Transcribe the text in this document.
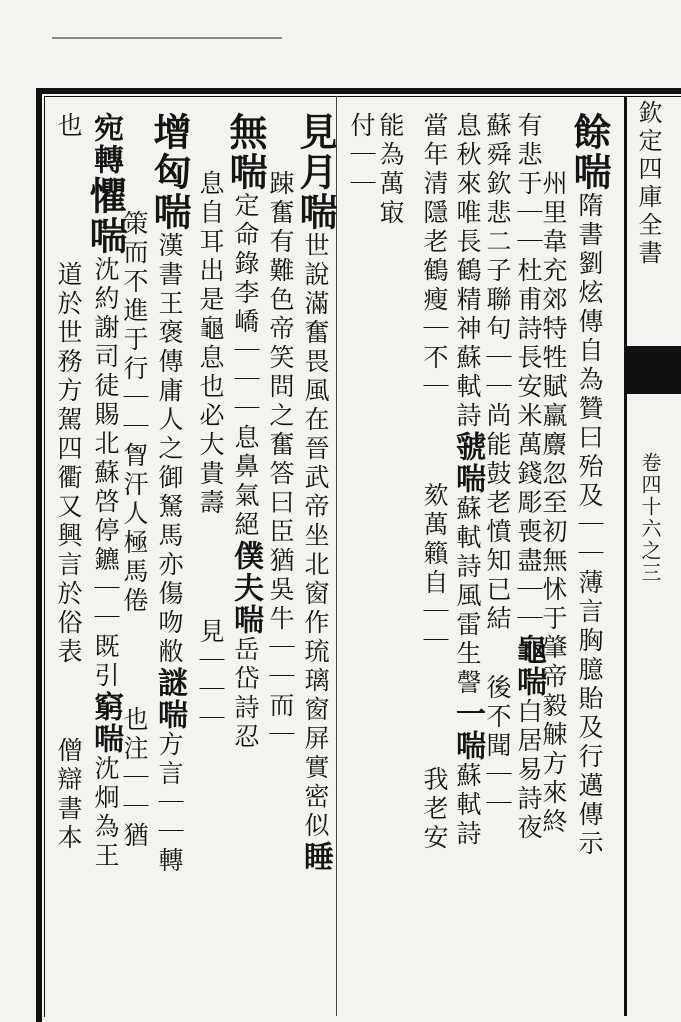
欽定四庫全書
卷四十六之三
餘喘隋書劉炫傳自為贊曰殆及｜｜薄言胸臆貽及行邁傳示
州里韋充郊特牲賦羸麖忽至初無怵于肇帝毅觫方來終
有悲于｜｜杜甫詩長安米萬錢彫喪盡｜｜龜喘白居易詩夜
蘇舜欽悲二子聯句｜｜尚能鼓老憤知已結後不聞｜｜
息秋來唯長鶴精神蘇軾詩虢喘蘇軾詩風雷生謦一喘蘇軾詩
當年清隱老鶴瘦｜不｜欬萬籟自｜｜我老安
能為萬㝡
付｜｜
見月喘世說滿奮畏風在晉武帝坐北窗作琉璃窗屏實密似睡
踈奮有難色帝笑問之奮答曰臣猶吳牛｜｜而｜
無喘定命錄李嶠｜｜｜息鼻氣絕僕夫喘岳岱詩忍
息自耳出是龜息也必大貴壽見｜｜｜
增匈喘漢書王褒傳庸人之御駑馬亦傷吻敝謎喘方言｜｜轉
策而不進于行｜｜胷汗人極馬倦也注｜｜猶
宛轉懼喘沈約謝司徒賜北蘇啓停鑣｜｜既引窮喘沈炯為王
也道於世務方駕四衢又興言於俗表僧辯書本
